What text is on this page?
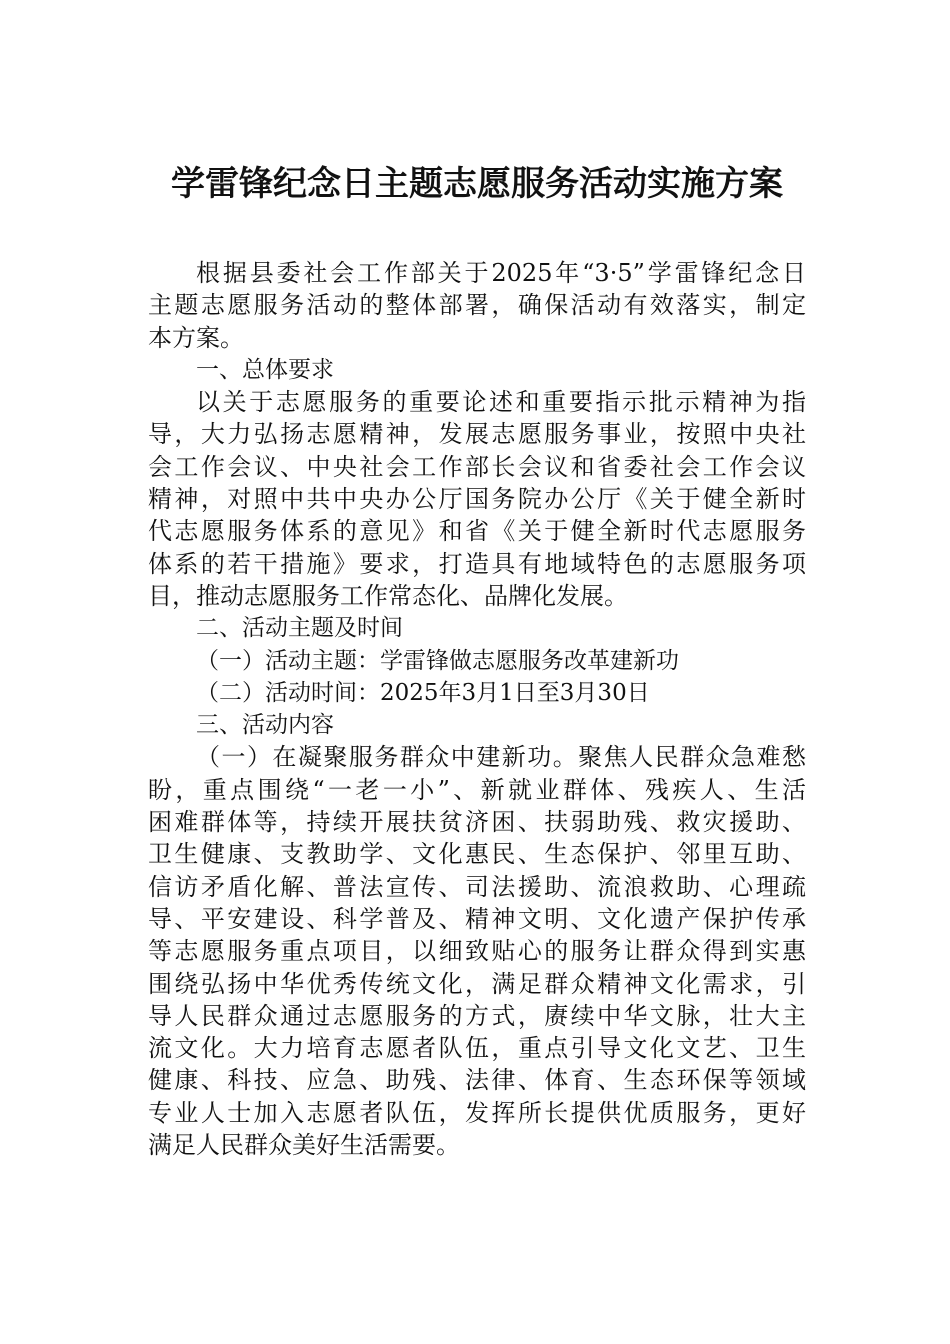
学雷锋纪念日主题志愿服务活动实施方案
根据县委社会工作部关于2025年“3·5”学雷锋纪念日
主题志愿服务活动的整体部署，确保活动有效落实，制定
本方案。
一、总体要求
以关于志愿服务的重要论述和重要指示批示精神为指
导，大力弘扬志愿精神，发展志愿服务事业，按照中央社
会工作会议、中央社会工作部长会议和省委社会工作会议
精神，对照中共中央办公厅国务院办公厅《关于健全新时
代志愿服务体系的意见》和省《关于健全新时代志愿服务
体系的若干措施》要求，打造具有地域特色的志愿服务项
目，推动志愿服务工作常态化、品牌化发展。
二、活动主题及时间
（一）活动主题：学雷锋做志愿服务改革建新功
（二）活动时间：2025年3月1日至3月30日
三、活动内容
（一）在凝聚服务群众中建新功。聚焦人民群众急难愁
盼，重点围绕“一老一小”、新就业群体、残疾人、生活
困难群体等，持续开展扶贫济困、扶弱助残、救灾援助、
卫生健康、支教助学、文化惠民、生态保护、邻里互助、
信访矛盾化解、普法宣传、司法援助、流浪救助、心理疏
导、平安建设、科学普及、精神文明、文化遗产保护传承
等志愿服务重点项目，以细致贴心的服务让群众得到实惠
围绕弘扬中华优秀传统文化，满足群众精神文化需求，引
导人民群众通过志愿服务的方式，赓续中华文脉，壮大主
流文化。大力培育志愿者队伍，重点引导文化文艺、卫生
健康、科技、应急、助残、法律、体育、生态环保等领域
专业人士加入志愿者队伍，发挥所长提供优质服务，更好
满足人民群众美好生活需要。
